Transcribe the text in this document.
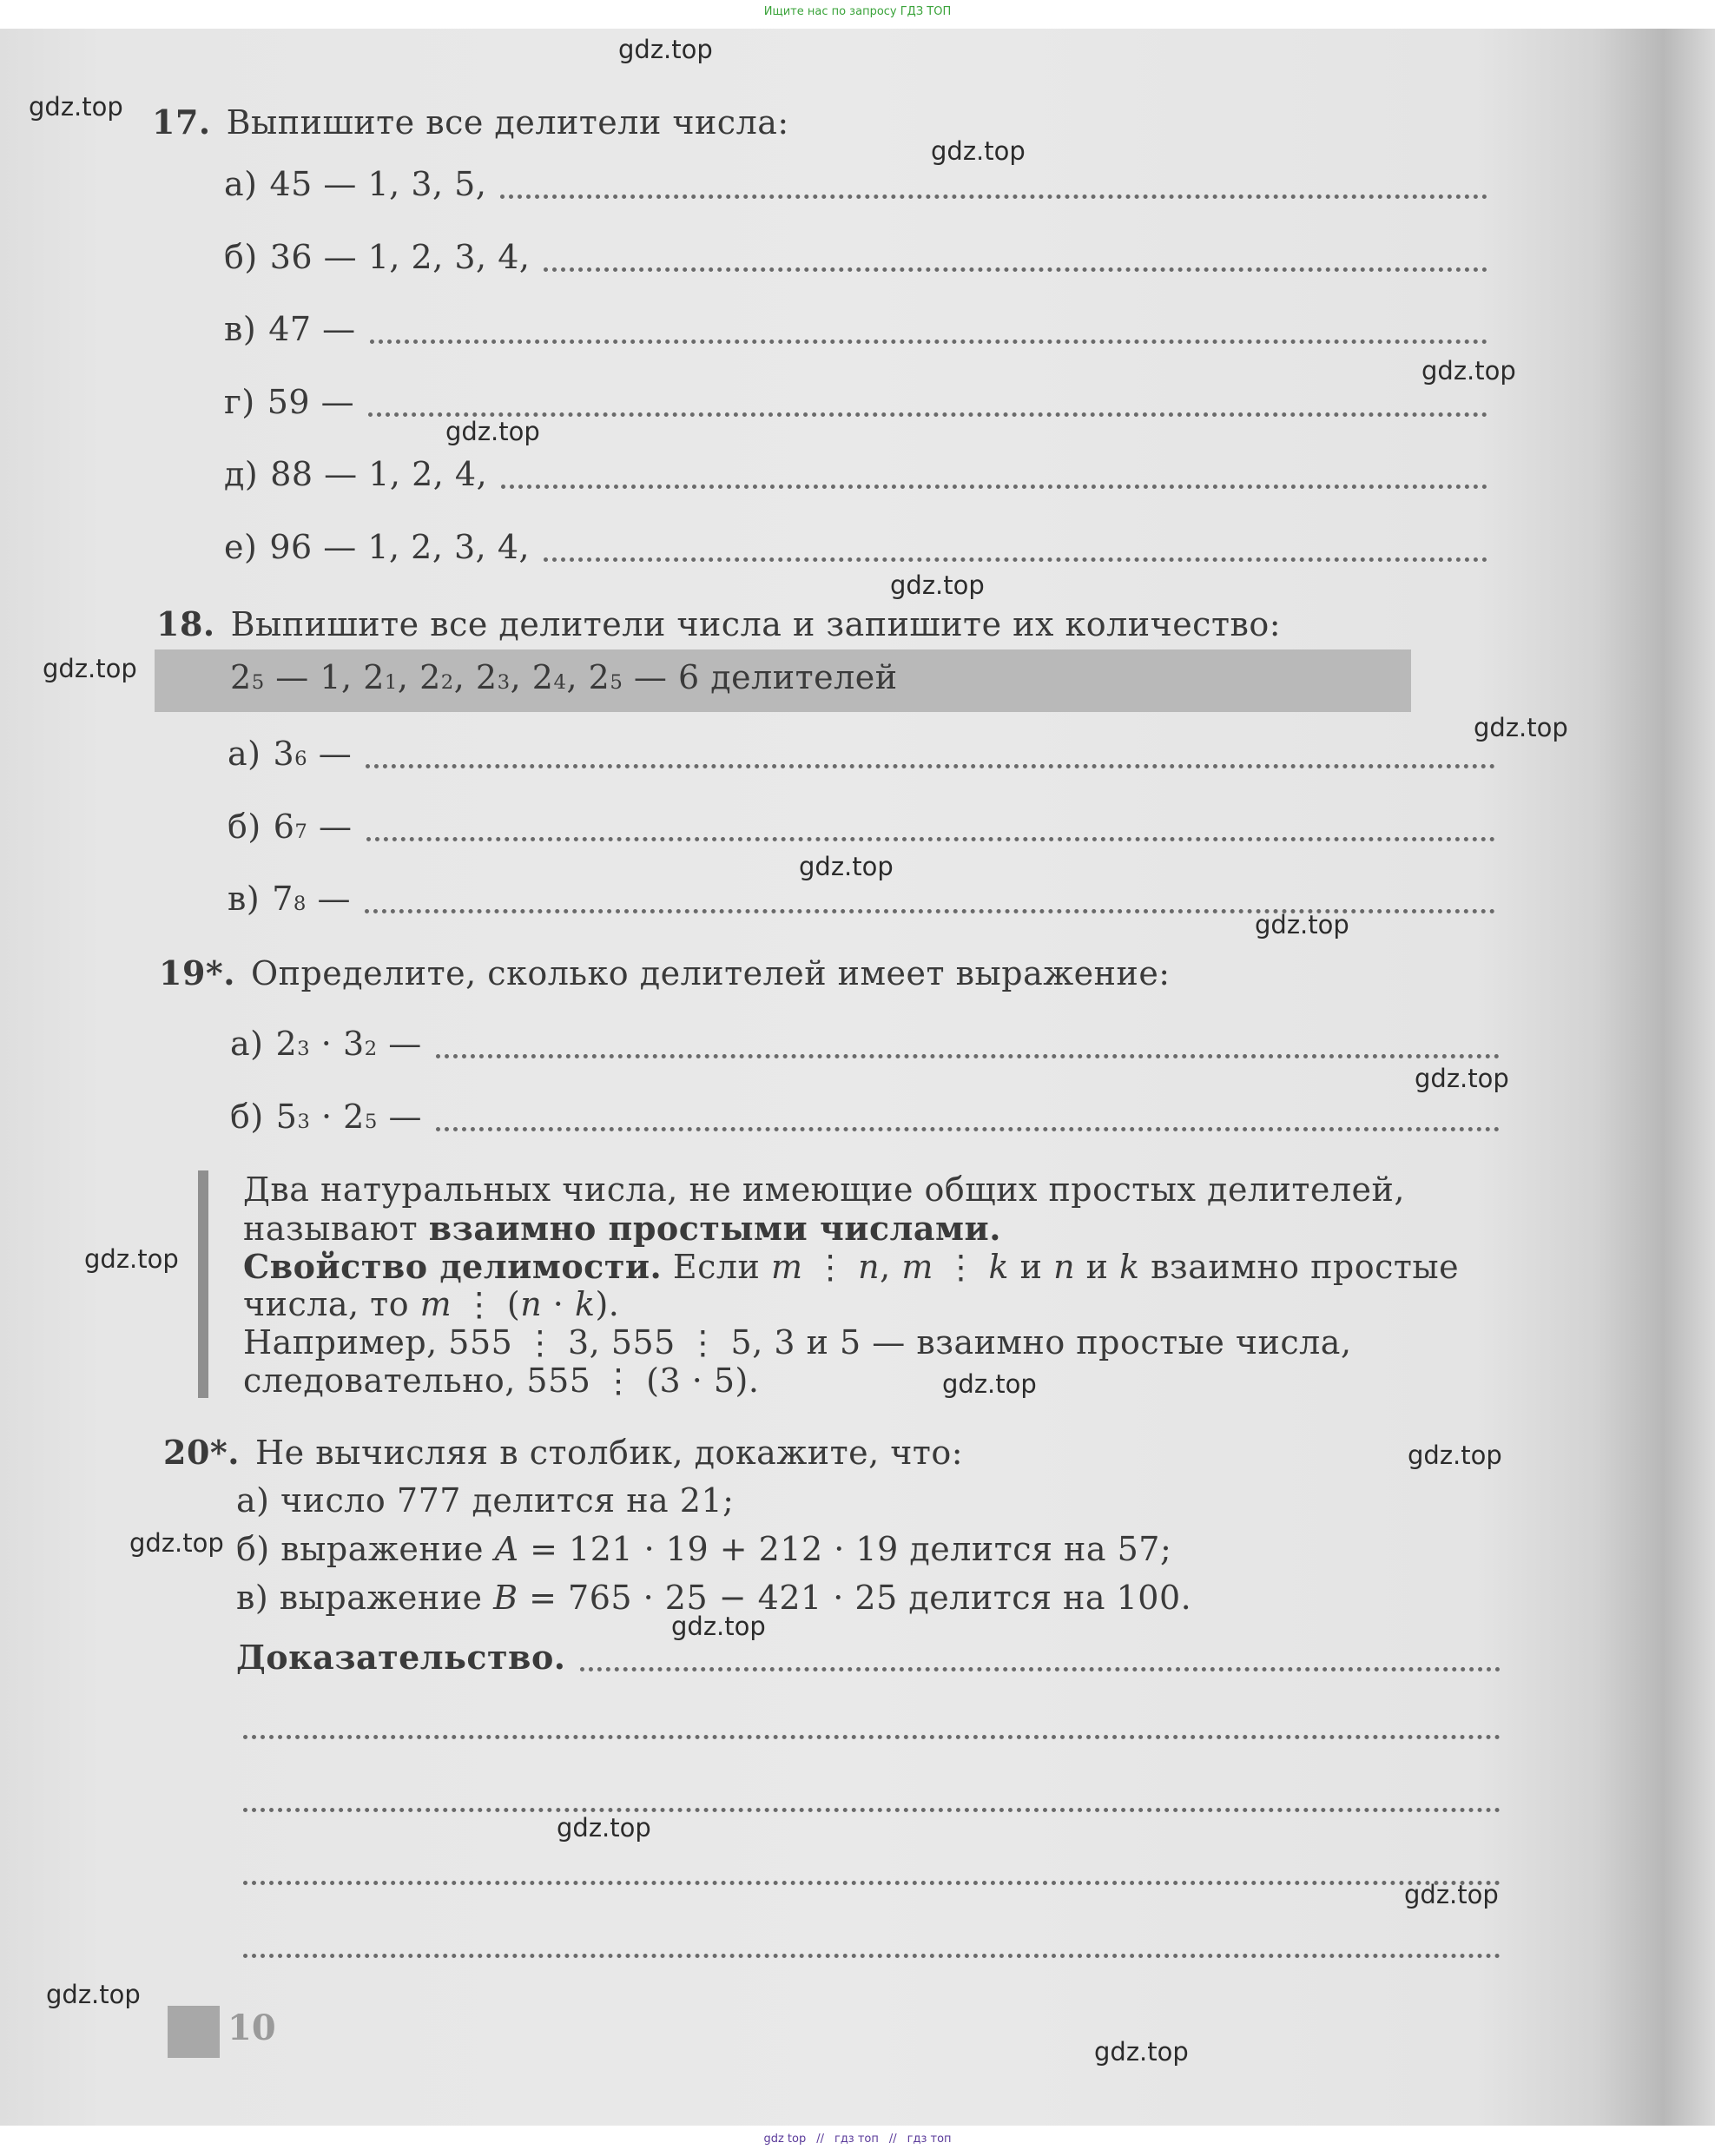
Ищите нас по запросу ГДЗ ТОП
17. Выпишите все делители числа:
а) 45 — 1, 3, 5,
б) 36 — 1, 2, 3, 4,
в) 47 —
г) 59 —
д) 88 — 1, 2, 4,
е) 96 — 1, 2, 3, 4,
18. Выпишите все делители числа и запишите их количество:
2 5 — 1, 2 1 , 2 2 , 2 3 , 2 4 , 2 5 — 6 делителей
а) 3 6 —
б) 6 7 —
в) 7 8 —
19*. Определите, сколько делителей имеет выражение:
а) 2 3 · 3 2 —
б) 5 3 · 2 5 —
Два натуральных числа, не имеющие общих простых делителей,
называют взаимно простыми числами.
Свойство делимости. Если m ⋮ n, m ⋮ k и n и k взаимно простые
числа, то m ⋮ (n · k).
Например, 555 ⋮ 3, 555 ⋮ 5, 3 и 5 — взаимно простые числа,
следовательно, 555 ⋮ (3 · 5).
20*. Не вычисляя в столбик, докажите, что:
а) число 777 делится на 21;
б) выражение A = 121 · 19 + 212 · 19 делится на 57;
в) выражение B = 765 · 25 − 421 · 25 делится на 100.
Доказательство.
10
gdz.top
gdz.top
gdz.top
gdz.top
gdz.top
gdz.top
gdz.top
gdz.top
gdz.top
gdz.top
gdz.top
gdz.top
gdz.top
gdz.top
gdz.top
gdz.top
gdz.top
gdz.top
gdz.top
gdz.top
gdz top // гдз топ // гдз топ
